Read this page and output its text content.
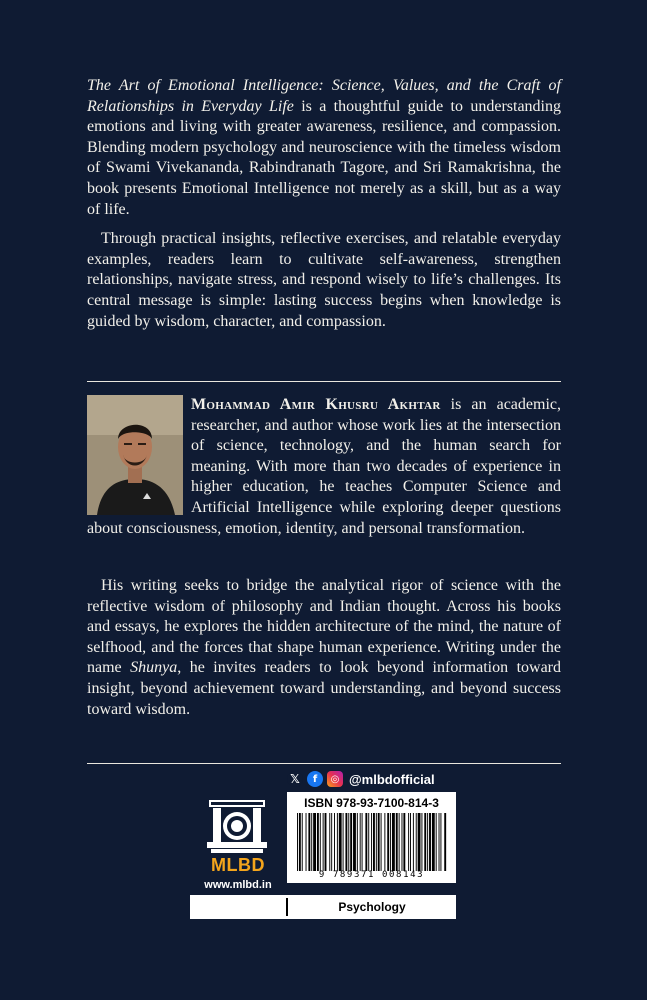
The Art of Emotional Intelligence: Science, Values, and the Craft of Relationships in Everyday Life is a thoughtful guide to understanding emotions and living with greater awareness, resilience, and compassion. Blending modern psychology and neuroscience with the timeless wisdom of Swami Vivekananda, Rabindranath Tagore, and Sri Ramakrishna, the book presents Emotional Intelligence not merely as a skill, but as a way of life.

Through practical insights, reflective exercises, and relatable everyday examples, readers learn to cultivate self-awareness, strengthen relationships, navigate stress, and respond wisely to life’s challenges. Its central message is simple: lasting success begins when knowledge is guided by wisdom, character, and compassion.

Mohammad Amir Khusru Akhtar is an academic, researcher, and author whose work lies at the intersection of science, technology, and the human search for meaning. With more than two decades of experience in higher education, he teaches Computer Science and Artificial Intelligence while exploring deeper questions about consciousness, emotion, identity, and personal transformation.

His writing seeks to bridge the analytical rigor of science with the reflective wisdom of philosophy and Indian thought. Across his books and essays, he explores the hidden architecture of the mind, the nature of selfhood, and the forces that shape human experience. Writing under the name Shunya, he invites readers to look beyond information toward insight, beyond achievement toward understanding, and beyond success toward wisdom.

𝕏	f	◎ @mlbdofficial
MLBD
www.mlbd.in
ISBN 978-93-7100-814-3
9 789371 008143
Psychology
